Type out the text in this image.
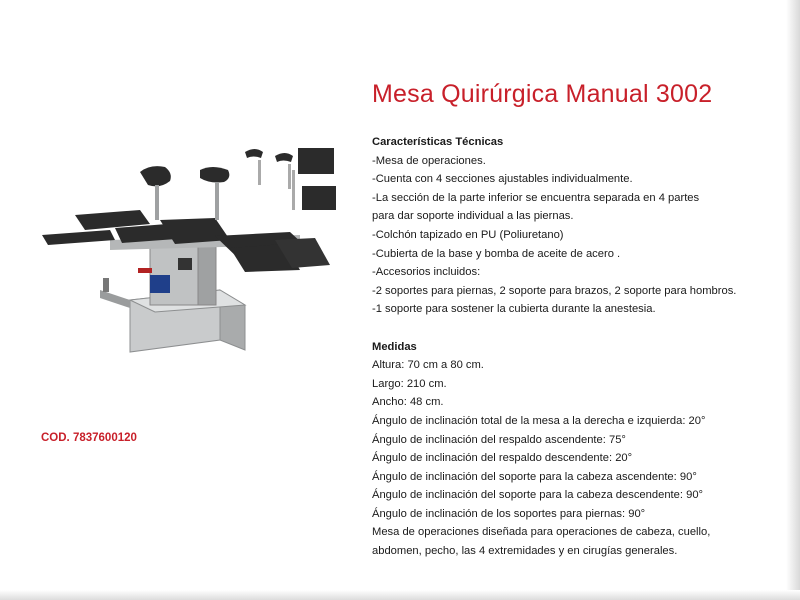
Mesa Quirúrgica Manual 3002
COD. 7837600120
Características Técnicas
-Mesa de operaciones.
-Cuenta con 4 secciones ajustables individualmente.
-La sección de la parte inferior se encuentra separada en 4 partes
para dar soporte individual a las piernas.
-Colchón tapizado en PU (Poliuretano)
-Cubierta de la base y bomba de aceite de acero .
-Accesorios incluidos:
-2 soportes para piernas, 2 soporte para brazos, 2 soporte para hombros.
-1 soporte para sostener la cubierta durante la anestesia.
Medidas
Altura: 70 cm a 80 cm.
Largo: 210 cm.
Ancho: 48 cm.
Ángulo de inclinación total de la mesa a la derecha e izquierda: 20°
Ángulo de inclinación del respaldo ascendente: 75°
Ángulo de inclinación del respaldo descendente: 20°
Ángulo de inclinación del soporte para la cabeza ascendente: 90°
Ángulo de inclinación del soporte para la cabeza descendente: 90°
Ángulo de inclinación de los soportes para piernas: 90°
Mesa de operaciones diseñada para operaciones de cabeza, cuello,
abdomen, pecho, las 4 extremidades y en cirugías generales.
